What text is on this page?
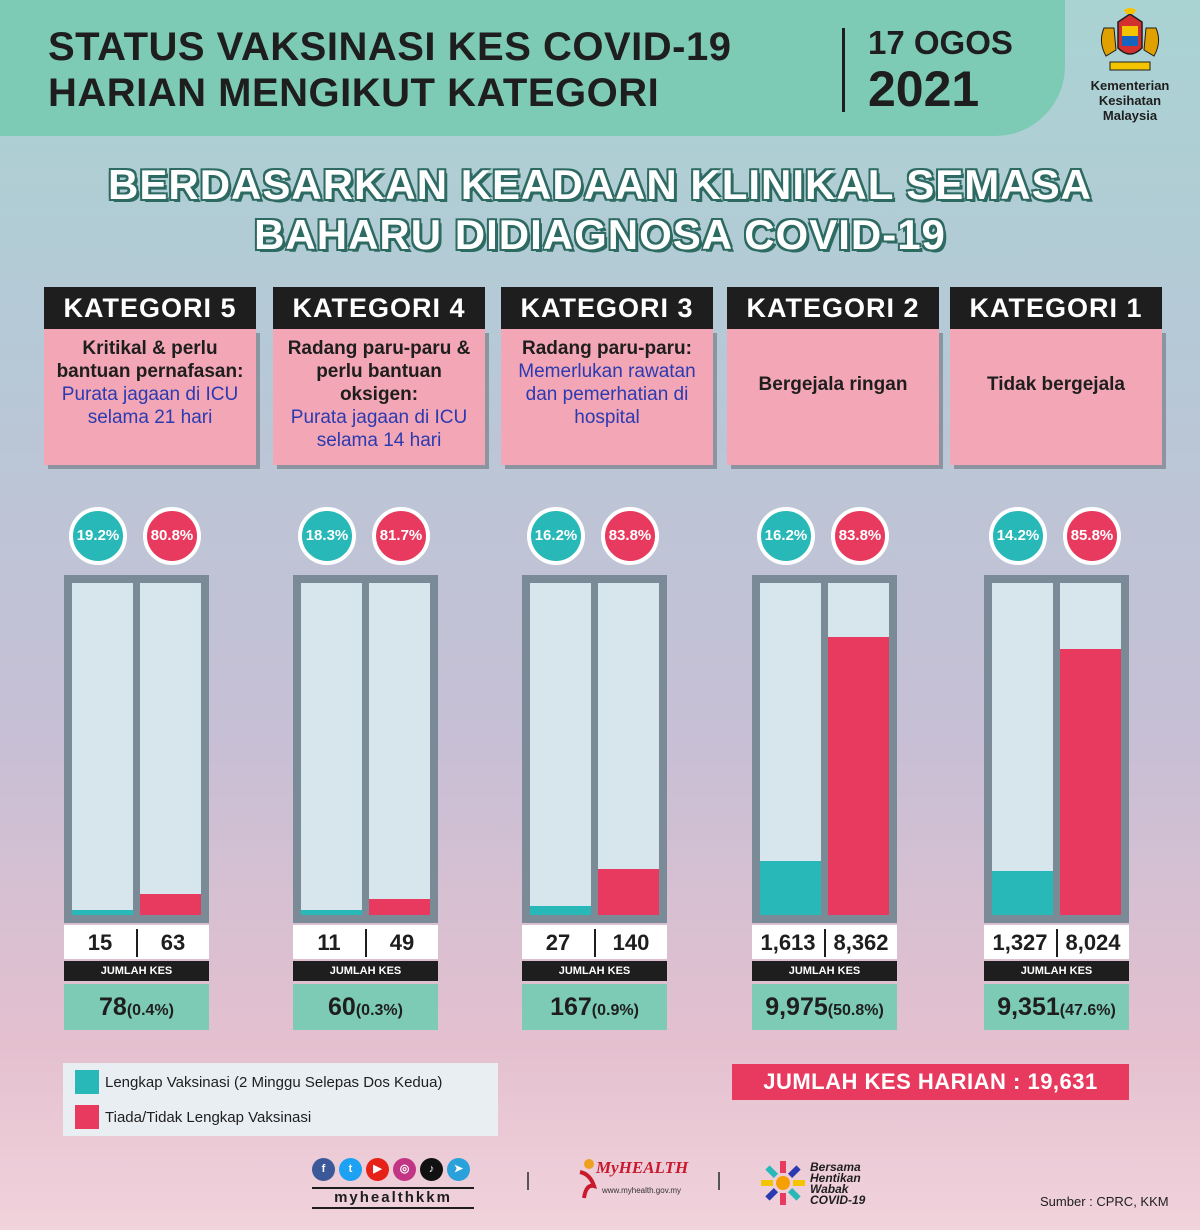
STATUS VAKSINASI KES COVID-19
HARIAN MENGIKUT KATEGORI
17 OGOS
2021	Kementerian
Kesihatan
Malaysia
BERDASARKAN KEADAAN KLINIKAL SEMASA
BAHARU DIDIAGNOSA COVID-19
KATEGORI 5
Kritikal & perlu bantuan pernafasan:
Purata jagaan di ICU selama 21 hari
19.2%	80.8%
15	63
JUMLAH KES
78(0.4%)
KATEGORI 4
Radang paru-paru & perlu bantuan oksigen:
Purata jagaan di ICU selama 14 hari
18.3%	81.7%
11	49
JUMLAH KES
60(0.3%)
KATEGORI 3
Radang paru-paru:
Memerlukan rawatan dan pemerhatian di hospital
16.2%	83.8%
27	140
JUMLAH KES
167(0.9%)
KATEGORI 2
Bergejala ringan
16.2%	83.8%
1,613 8,362
JUMLAH KES
9,975(50.8%)
KATEGORI 1
Tidak bergejala
14.2%	85.8%
1,327 8,024
JUMLAH KES
9,351(47.6%)
Lengkap Vaksinasi (2 Minggu Selepas Dos Kedua)
Tiada/Tidak Lengkap Vaksinasi
JUMLAH KES HARIAN : 19,631
f	t	▶	◎	♪	➤
myhealthkkm
MyHEALTH
www.myhealth.gov.my
Bersama
Hentikan
Wabak
COVID-19	Sumber : CPRC, KKM
